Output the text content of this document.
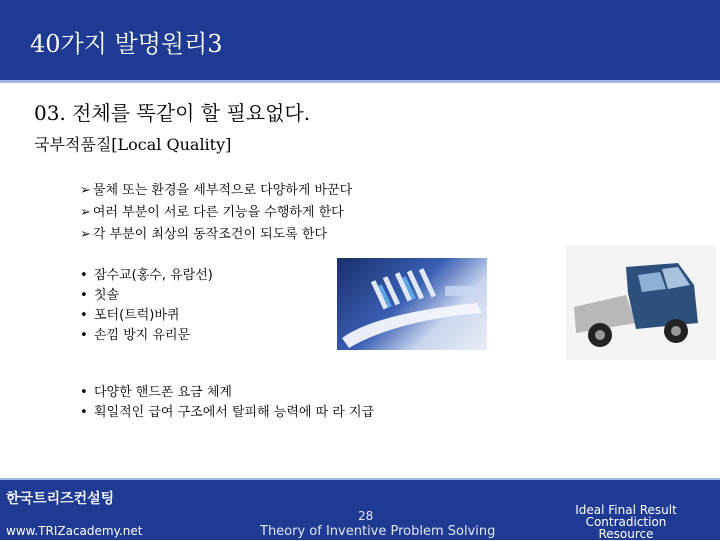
40가지 발명원리3
03. 전체를 똑같이 할 필요없다.
국부적품질[Local Quality]
➢ 물체 또는 환경을 세부적으로 다양하게 바꾼다
➢ 여러 부분이 서로 다른 기능을 수행하게 한다
➢ 각 부분이 최상의 동작조건이 되도록 한다
• 잠수교(홍수, 유람선)
• 칫솔
• 포터(트럭)바퀴
• 손낌 방지 유리문
• 다양한 핸드폰 요금 체계
• 획일적인 급여 구조에서 탈피해 능력에 따 라 지급
한국트리즈컨설팅
www.TRIZacademy.net
28
Theory of Inventive Problem Solving
Ideal Final Result
Contradiction
Resource
